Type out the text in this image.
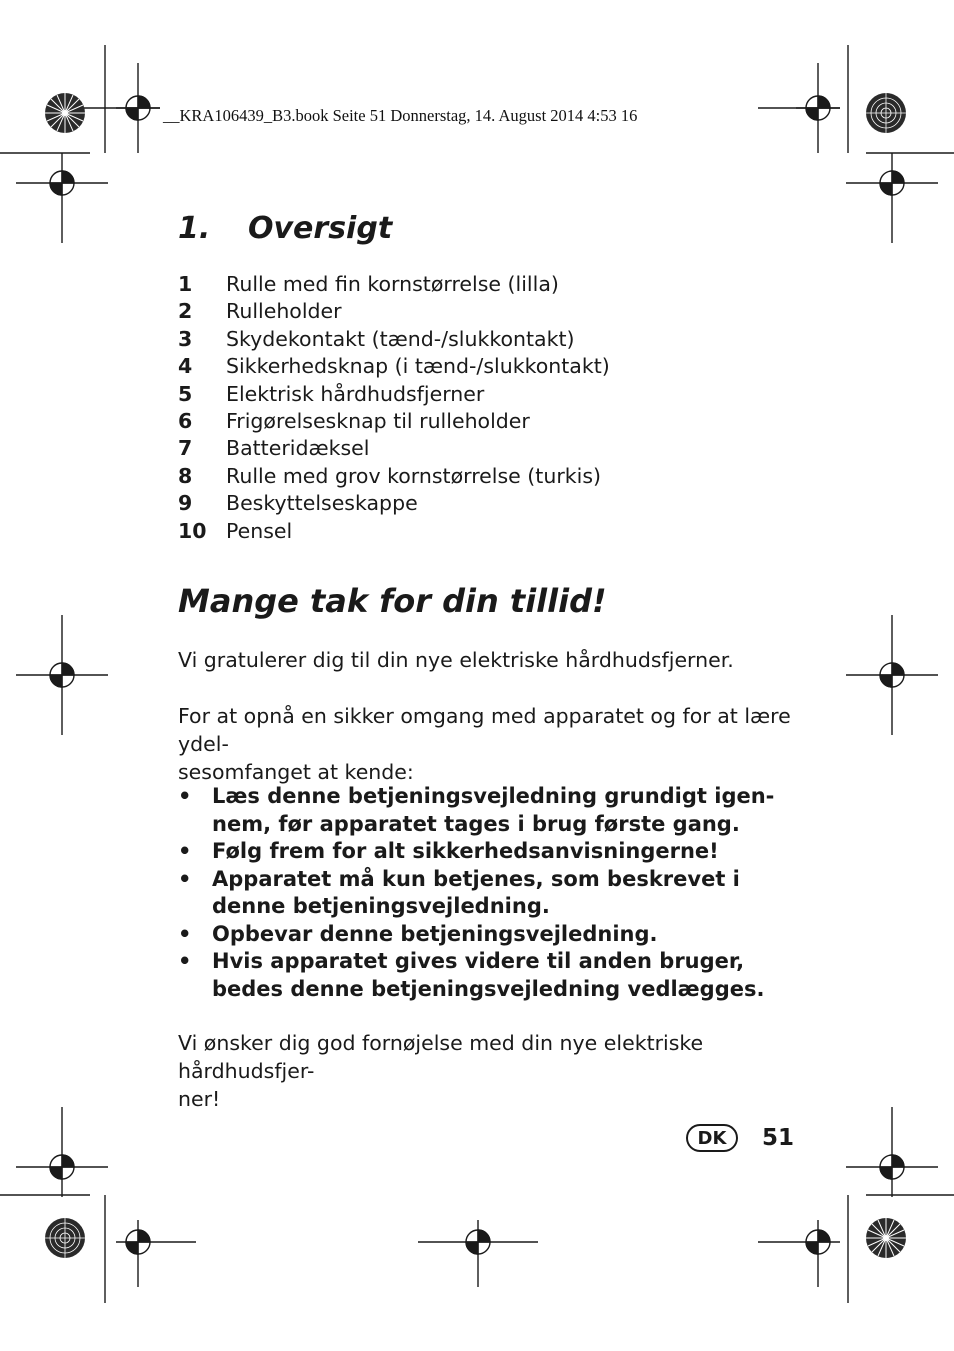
__KRA106439_B3.book Seite 51 Donnerstag, 14. August 2014 4:53 16
1. Oversigt
1	Rulle med fin kornstørrelse (lilla)
2	Rulleholder
3	Skydekontakt (tænd-/slukkontakt)
4	Sikkerhedsknap (i tænd-/slukkontakt)
5	Elektrisk hårdhudsfjerner
6	Frigørelsesknap til rulleholder
7	Batteridæksel
8	Rulle med grov kornstørrelse (turkis)
9	Beskyttelseskappe
10 Pensel
Mange tak for din tillid!

Vi gratulerer dig til din nye elektriske hårdhudsfjerner.

For at opnå en sikker omgang med apparatet og for at lære ydel-
sesomfanget at kende:

• Læs denne betjeningsvejledning grundigt igen-
nem, før apparatet tages i brug første gang.
• Følg frem for alt sikkerhedsanvisningerne!
• Apparatet må kun betjenes, som beskrevet i
denne betjeningsvejledning.
• Opbevar denne betjeningsvejledning.
• Hvis apparatet gives videre til anden bruger,
bedes denne betjeningsvejledning vedlægges.

Vi ønsker dig god fornøjelse med din nye elektriske hårdhudsfjer-
ner!

DK	51
